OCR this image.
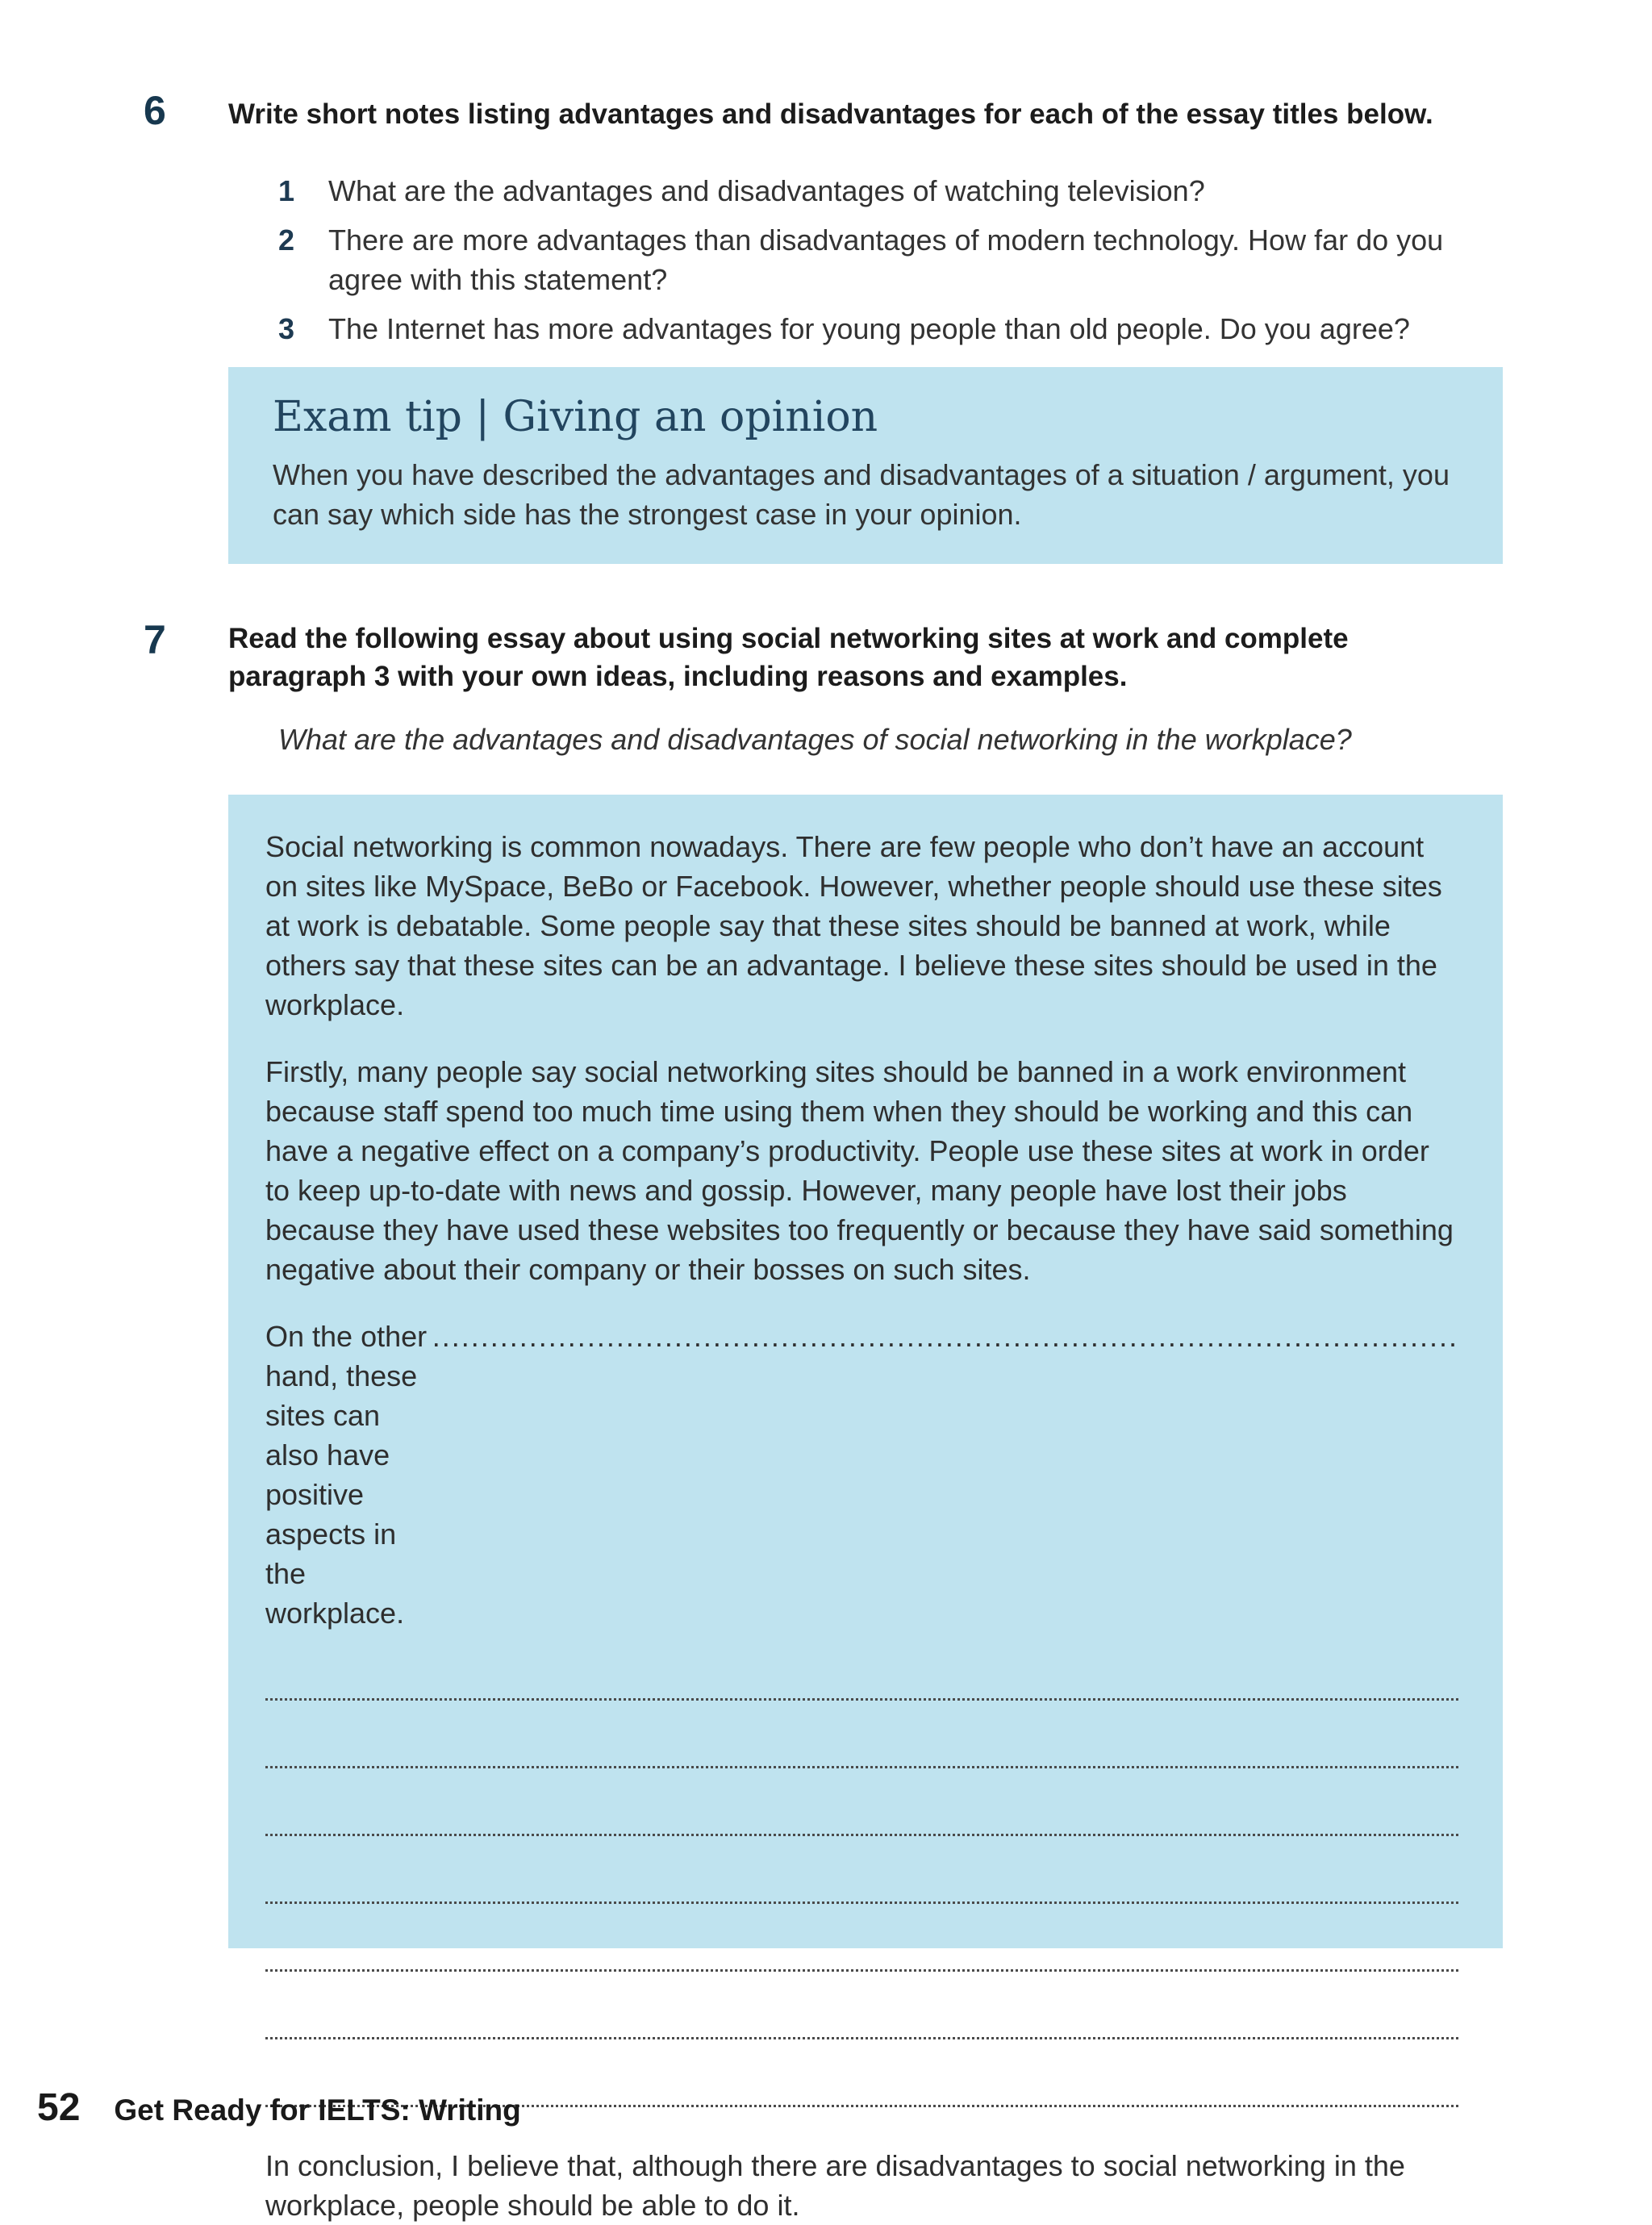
6 Write short notes listing advantages and disadvantages for each of the essay titles below.
1	What are the advantages and disadvantages of watching television?
2	There are more advantages than disadvantages of modern technology. How far do you agree with this statement?
3	The Internet has more advantages for young people than old people. Do you agree?
Exam tip | Giving an opinion
When you have described the advantages and disadvantages of a situation / argument, you can say which side has the strongest case in your opinion.
7 Read the following essay about using social networking sites at work and complete paragraph 3 with your own ideas, including reasons and examples.
What are the advantages and disadvantages of social networking in the workplace?

Social networking is common nowadays. There are few people who don’t have an account on sites like MySpace, BeBo or Facebook. However, whether people should use these sites at work is debatable. Some people say that these sites should be banned at work, while others say that these sites can be an advantage. I believe these sites should be used in the workplace.

Firstly, many people say social networking sites should be banned in a work environment because staff spend too much time using them when they should be working and this can have a negative effect on a company’s productivity. People use these sites at work in order to keep up-to-date with news and gossip. However, many people have lost their jobs because they have used these websites too frequently or because they have said something negative about their company or their bosses on such sites.

On the other hand, these sites can also have positive aspects in the workplace.
..........................................................................................................

In conclusion, I believe that, although there are disadvantages to social networking in the workplace, people should be able to do it.

52 Get Ready for IELTS: Writing
